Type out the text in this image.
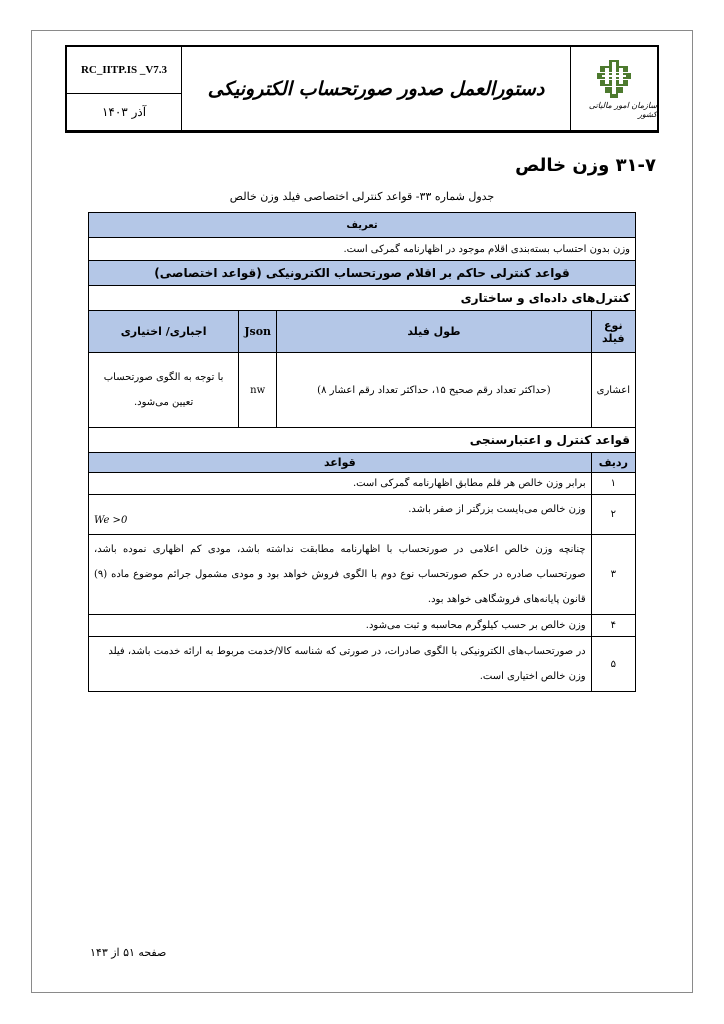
RC_IITP.IS _V7.3
آذر ۱۴۰۳
دستورالعمل صدور صورتحساب الکترونیکی
سازمان امور مالیاتی کشور
۳۱-۷ وزن خالص
جدول شماره ۳۳- قواعد کنترلی اختصاصی فیلد وزن خالص
تعریف			
وزن بدون احتساب بسته‌بندی اقلام موجود در اظهارنامه گمرکی است.			
قواعد کنترلی حاکم بر اقلام صورتحساب الکترونیکی (قواعد اختصاصی)			
کنترل‌های داده‌ای و ساختاری			
نوع فیلد	طول فیلد	Json	اجباری/ اختیاری
اعشاری	(حداکثر تعداد رقم صحیح ۱۵، حداکثر تعداد رقم اعشار ۸)	nw	با توجه به الگوی صورتحساب تعیین می‌شود.
قواعد کنترل و اعتبارسنجی			
ردیف	قواعد		
۱	برابر وزن خالص هر قلم مطابق اظهارنامه گمرکی است.		
۲	وزن خالص می‌بایست بزرگتر از صفر باشد.
We >0		

۳	چنانچه وزن خالص اعلامی در صورتحساب با اظهارنامه مطابقت نداشته باشد، مودی کم اظهاری نموده باشد، صورتحساب صادره در حکم صورتحساب نوع دوم با الگوی فروش خواهد بود و مودی مشمول جرائم موضوع ماده (۹) قانون پایانه‌های فروشگاهی خواهد بود.		
۴	وزن خالص بر حسب کیلوگرم محاسبه و ثبت می‌شود.		
۵	در صورتحساب‌های الکترونیکی با الگوی صادرات، در صورتی که شناسه کالا/خدمت مربوط به ارائه خدمت باشد، فیلد وزن خالص اختیاری است.		
صفحه ۵۱ از ۱۴۳
